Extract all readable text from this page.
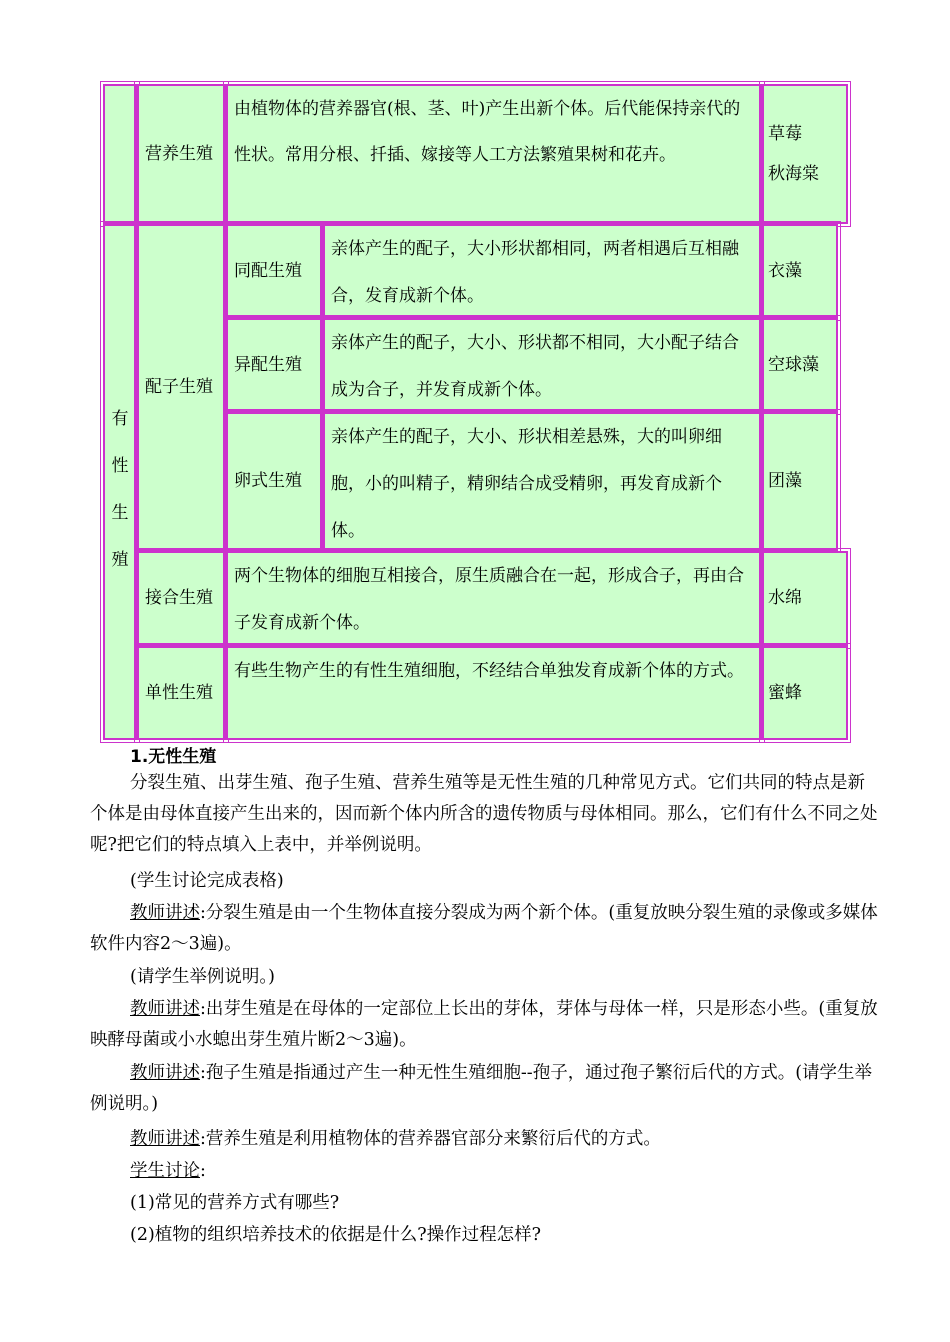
营养生殖
由植物体的营养器官(根、茎、叶)产生出新个体。后代能保持亲代的性状。常用分根、扦插、嫁接等人工方法繁殖果树和花卉。
草莓
秋海棠
有
性
生
殖
配子生殖
同配生殖
亲体产生的配子，大小形状都相同，两者相遇后互相融合，发育成新个体。
衣藻
异配生殖
亲体产生的配子，大小、形状都不相同，大小配子结合成为合子，并发育成新个体。
空球藻
卵式生殖
亲体产生的配子，大小、形状相差悬殊，大的叫卵细胞，小的叫精子，精卵结合成受精卵，再发育成新个体。
团藻
接合生殖
两个生物体的细胞互相接合，原生质融合在一起，形成合子，再由合子发育成新个体。
水绵
单性生殖
有些生物产生的有性生殖细胞，不经结合单独发育成新个体的方式。
蜜蜂
1.无性生殖
分裂生殖、出芽生殖、孢子生殖、营养生殖等是无性生殖的几种常见方式。它们共同的特点是新个体是由母体直接产生出来的，因而新个体内所含的遗传物质与母体相同。那么，它们有什么不同之处呢?把它们的特点填入上表中，并举例说明。
(学生讨论完成表格)
教师讲述:分裂生殖是由一个生物体直接分裂成为两个新个体。(重复放映分裂生殖的录像或多媒体软件内容2～3遍)。
(请学生举例说明。)
教师讲述:出芽生殖是在母体的一定部位上长出的芽体，芽体与母体一样，只是形态小些。(重复放映酵母菌或小水螅出芽生殖片断2～3遍)。
教师讲述:孢子生殖是指通过产生一种无性生殖细胞--孢子，通过孢子繁衍后代的方式。(请学生举例说明。)
教师讲述:营养生殖是利用植物体的营养器官部分来繁衍后代的方式。
学生讨论:
(1)常见的营养方式有哪些?
(2)植物的组织培养技术的依据是什么?操作过程怎样?
